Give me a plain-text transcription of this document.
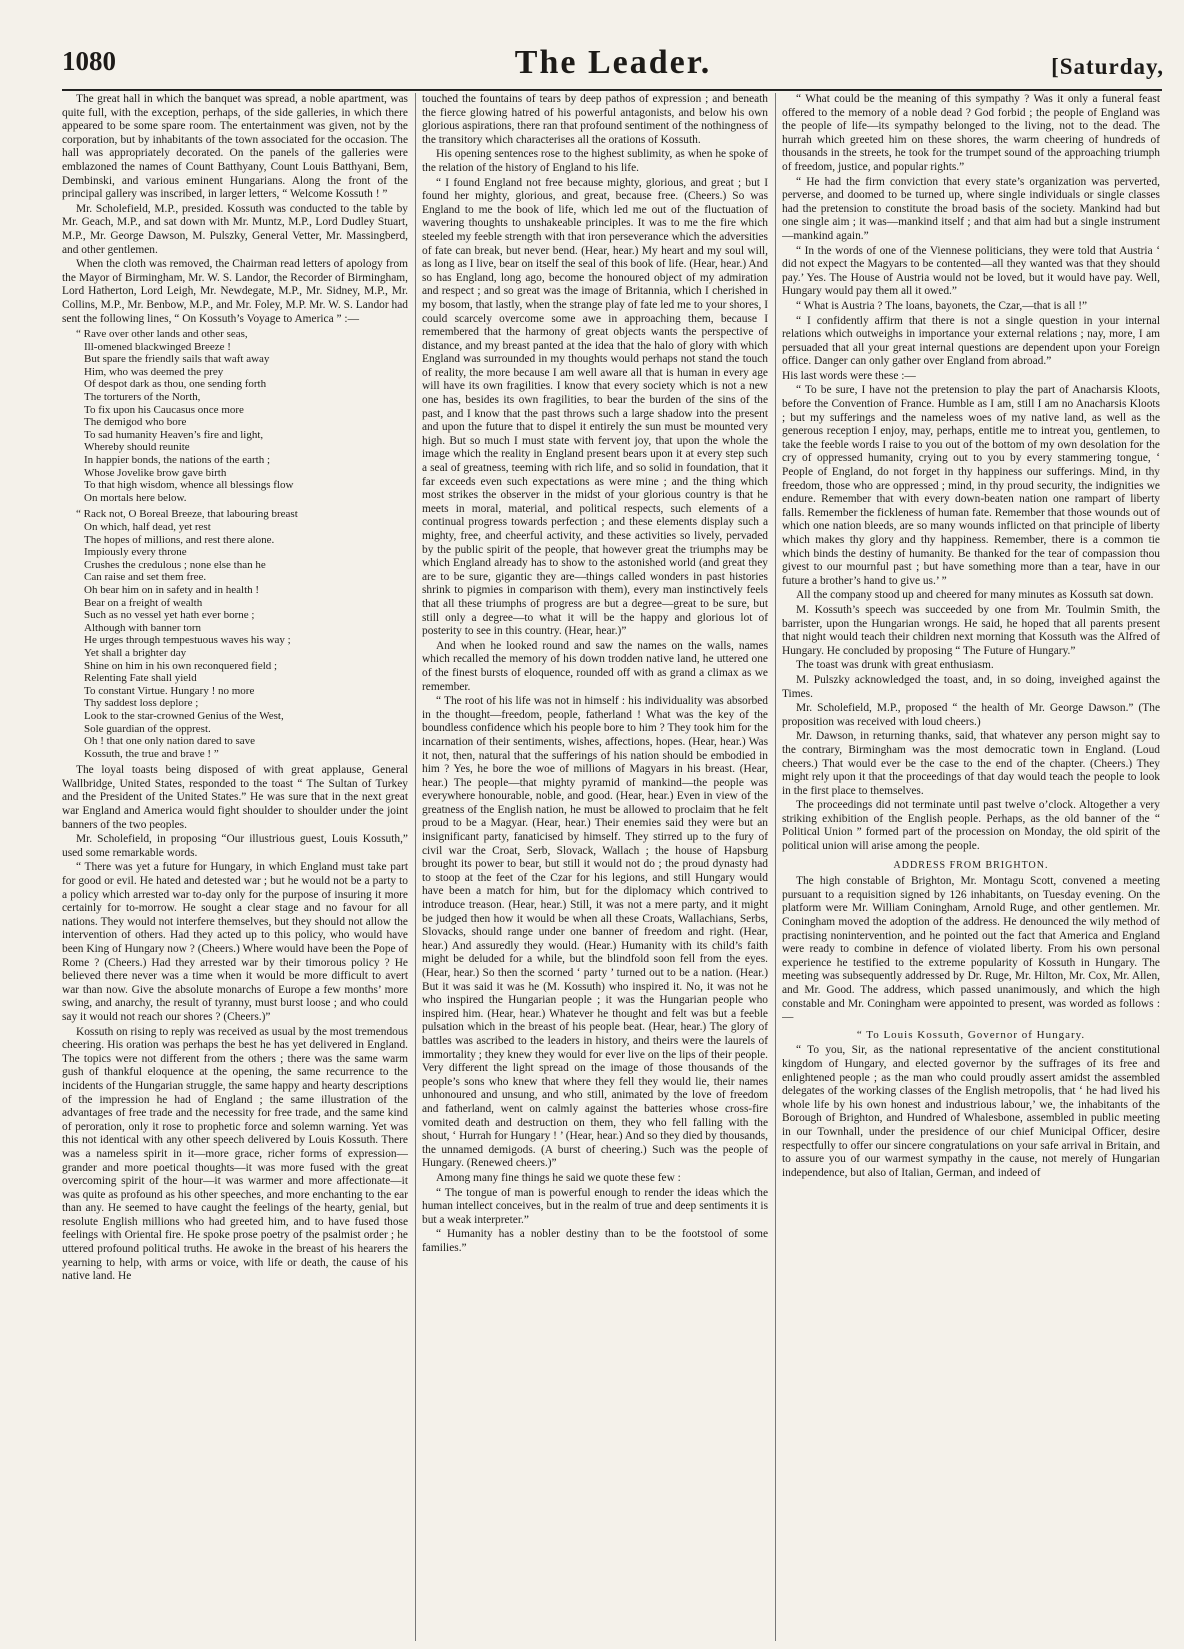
1080	The Leader.	[Saturday,

The great hall in which the banquet was spread, a noble apartment, was quite full, with the exception, perhaps, of the side galleries, in which there appeared to be some spare room. The entertainment was given, not by the corporation, but by inhabitants of the town associated for the occasion. The hall was appropriately decorated. On the panels of the galleries were emblazoned the names of Count Batthyany, Count Louis Batthyani, Bem, Dembinski, and various eminent Hungarians. Along the front of the principal gallery was inscribed, in larger letters, “ Welcome Kossuth ! ”

Mr. Scholefield, M.P., presided. Kossuth was conducted to the table by Mr. Geach, M.P., and sat down with Mr. Muntz, M.P., Lord Dudley Stuart, M.P., Mr. George Dawson, M. Pulszky, General Vetter, Mr. Massingberd, and other gentlemen.

When the cloth was removed, the Chairman read letters of apology from the Mayor of Birmingham, Mr. W. S. Landor, the Recorder of Birmingham, Lord Hatherton, Lord Leigh, Mr. Newdegate, M.P., Mr. Sidney, M.P., Mr. Collins, M.P., Mr. Benbow, M.P., and Mr. Foley, M.P. Mr. W. S. Landor had sent the following lines, “ On Kossuth’s Voyage to America ” :—

“ Rave over other lands and other seas,
Ill-omened blackwinged Breeze !
But spare the friendly sails that waft away
Him, who was deemed the prey
Of despot dark as thou, one sending forth
The torturers of the North,
To fix upon his Caucasus once more
The demigod who bore
To sad humanity Heaven’s fire and light,
Whereby should reunite
In happier bonds, the nations of the earth ;
Whose Jovelike brow gave birth
To that high wisdom, whence all blessings flow
On mortals here below.
“ Rack not, O Boreal Breeze, that labouring breast
On which, half dead, yet rest
The hopes of millions, and rest there alone.
Impiously every throne
Crushes the credulous ; none else than he
Can raise and set them free.
Oh bear him on in safety and in health !
Bear on a freight of wealth
Such as no vessel yet hath ever borne ;
Although with banner torn
He urges through tempestuous waves his way ;
Yet shall a brighter day
Shine on him in his own reconquered field ;
Relenting Fate shall yield
To constant Virtue. Hungary ! no more
Thy saddest loss deplore ;
Look to the star-crowned Genius of the West,
Sole guardian of the opprest.
Oh ! that one only nation dared to save
Kossuth, the true and brave ! ”

The loyal toasts being disposed of with great applause, General Wallbridge, United States, responded to the toast “ The Sultan of Turkey and the President of the United States.” He was sure that in the next great war England and America would fight shoulder to shoulder under the joint banners of the two peoples.

Mr. Scholefield, in proposing “Our illustrious guest, Louis Kossuth,” used some remarkable words.

“ There was yet a future for Hungary, in which England must take part for good or evil. He hated and detested war ; but he would not be a party to a policy which arrested war to-day only for the purpose of insuring it more certainly for to-morrow. He sought a clear stage and no favour for all nations. They would not interfere themselves, but they should not allow the intervention of others. Had they acted up to this policy, who would have been King of Hungary now ? (Cheers.) Where would have been the Pope of Rome ? (Cheers.) Had they arrested war by their timorous policy ? He believed there never was a time when it would be more difficult to avert war than now. Give the absolute monarchs of Europe a few months’ more swing, and anarchy, the result of tyranny, must burst loose ; and who could say it would not reach our shores ? (Cheers.)”

Kossuth on rising to reply was received as usual by the most tremendous cheering. His oration was perhaps the best he has yet delivered in England. The topics were not different from the others ; there was the same warm gush of thankful eloquence at the opening, the same recurrence to the incidents of the Hungarian struggle, the same happy and hearty descriptions of the impression he had of England ; the same illustration of the advantages of free trade and the necessity for free trade, and the same kind of peroration, only it rose to prophetic force and solemn warning. Yet was this not identical with any other speech delivered by Louis Kossuth. There was a nameless spirit in it—more grace, richer forms of expression—grander and more poetical thoughts—it was more fused with the great overcoming spirit of the hour—it was warmer and more affectionate—it was quite as profound as his other speeches, and more enchanting to the ear than any. He seemed to have caught the feelings of the hearty, genial, but resolute English millions who had greeted him, and to have fused those feelings with Oriental fire. He spoke prose poetry of the psalmist order ; he uttered profound political truths. He awoke in the breast of his hearers the yearning to help, with arms or voice, with life or death, the cause of his native land. He

touched the fountains of tears by deep pathos of expression ; and beneath the fierce glowing hatred of his powerful antagonists, and below his own glorious aspirations, there ran that profound sentiment of the nothingness of the transitory which characterises all the orations of Kossuth.

His opening sentences rose to the highest sublimity, as when he spoke of the relation of the history of England to his life.

“ I found England not free because mighty, glorious, and great ; but I found her mighty, glorious, and great, because free. (Cheers.) So was England to me the book of life, which led me out of the fluctuation of wavering thoughts to unshakeable principles. It was to me the fire which steeled my feeble strength with that iron perseverance which the adversities of fate can break, but never bend. (Hear, hear.) My heart and my soul will, as long as I live, bear on itself the seal of this book of life. (Hear, hear.) And so has England, long ago, become the honoured object of my admiration and respect ; and so great was the image of Britannia, which I cherished in my bosom, that lastly, when the strange play of fate led me to your shores, I could scarcely overcome some awe in approaching them, because I remembered that the harmony of great objects wants the perspective of distance, and my breast panted at the idea that the halo of glory with which England was surrounded in my thoughts would perhaps not stand the touch of reality, the more because I am well aware all that is human in every age will have its own fragilities. I know that every society which is not a new one has, besides its own fragilities, to bear the burden of the sins of the past, and I know that the past throws such a large shadow into the present and upon the future that to dispel it entirely the sun must be mounted very high. But so much I must state with fervent joy, that upon the whole the image which the reality in England present bears upon it at every step such a seal of greatness, teeming with rich life, and so solid in foundation, that it far exceeds even such expectations as were mine ; and the thing which most strikes the observer in the midst of your glorious country is that he meets in moral, material, and political respects, such elements of a continual progress towards perfection ; and these elements display such a mighty, free, and cheerful activity, and these activities so lively, pervaded by the public spirit of the people, that however great the triumphs may be which England already has to show to the astonished world (and great they are to be sure, gigantic they are—things called wonders in past histories shrink to pigmies in comparison with them), every man instinctively feels that all these triumphs of progress are but a degree—great to be sure, but still only a degree—to what it will be the happy and glorious lot of posterity to see in this country. (Hear, hear.)”

And when he looked round and saw the names on the walls, names which recalled the memory of his down trodden native land, he uttered one of the finest bursts of eloquence, rounded off with as grand a climax as we remember.

“ The root of his life was not in himself : his individuality was absorbed in the thought—freedom, people, fatherland ! What was the key of the boundless confidence which his people bore to him ? They took him for the incarnation of their sentiments, wishes, affections, hopes. (Hear, hear.) Was it not, then, natural that the sufferings of his nation should be embodied in him ? Yes, he bore the woe of millions of Magyars in his breast. (Hear, hear.) The people—that mighty pyramid of mankind—the people was everywhere honourable, noble, and good. (Hear, hear.) Even in view of the greatness of the English nation, he must be allowed to proclaim that he felt proud to be a Magyar. (Hear, hear.) Their enemies said they were but an insignificant party, fanaticised by himself. They stirred up to the fury of civil war the Croat, Serb, Slovack, Wallach ; the house of Hapsburg brought its power to bear, but still it would not do ; the proud dynasty had to stoop at the feet of the Czar for his legions, and still Hungary would have been a match for him, but for the diplomacy which contrived to introduce treason. (Hear, hear.) Still, it was not a mere party, and it might be judged then how it would be when all these Croats, Wallachians, Serbs, Slovacks, should range under one banner of freedom and right. (Hear, hear.) And assuredly they would. (Hear.) Humanity with its child’s faith might be deluded for a while, but the blindfold soon fell from the eyes. (Hear, hear.) So then the scorned ‘ party ’ turned out to be a nation. (Hear.) But it was said it was he (M. Kossuth) who inspired it. No, it was not he who inspired the Hungarian people ; it was the Hungarian people who inspired him. (Hear, hear.) Whatever he thought and felt was but a feeble pulsation which in the breast of his people beat. (Hear, hear.) The glory of battles was ascribed to the leaders in history, and theirs were the laurels of immortality ; they knew they would for ever live on the lips of their people. Very different the light spread on the image of those thousands of the people’s sons who knew that where they fell they would lie, their names unhonoured and unsung, and who still, animated by the love of freedom and fatherland, went on calmly against the batteries whose cross-fire vomited death and destruction on them, they who fell falling with the shout, ‘ Hurrah for Hungary ! ’ (Hear, hear.) And so they died by thousands, the unnamed demigods. (A burst of cheering.) Such was the people of Hungary. (Renewed cheers.)”

Among many fine things he said we quote these few :

“ The tongue of man is powerful enough to render the ideas which the human intellect conceives, but in the realm of true and deep sentiments it is but a weak interpreter.”

“ Humanity has a nobler destiny than to be the footstool of some families.”

“ What could be the meaning of this sympathy ? Was it only a funeral feast offered to the memory of a noble dead ? God forbid ; the people of England was the people of life—its sympathy belonged to the living, not to the dead. The hurrah which greeted him on these shores, the warm cheering of hundreds of thousands in the streets, he took for the trumpet sound of the approaching triumph of freedom, justice, and popular rights.”

“ He had the firm conviction that every state’s organization was perverted, perverse, and doomed to be turned up, where single individuals or single classes had the pretension to constitute the broad basis of the society. Mankind had but one single aim ; it was—mankind itself ; and that aim had but a single instrument—mankind again.”

“ In the words of one of the Viennese politicians, they were told that Austria ‘ did not expect the Magyars to be contented—all they wanted was that they should pay.’ Yes. The House of Austria would not be loved, but it would have pay. Well, Hungary would pay them all it owed.”

“ What is Austria ? The loans, bayonets, the Czar,—that is all !”

“ I confidently affirm that there is not a single question in your internal relations which outweighs in importance your external relations ; nay, more, I am persuaded that all your great internal questions are dependent upon your Foreign office. Danger can only gather over England from abroad.”

His last words were these :—

“ To be sure, I have not the pretension to play the part of Anacharsis Kloots, before the Convention of France. Humble as I am, still I am no Anacharsis Kloots ; but my sufferings and the nameless woes of my native land, as well as the generous reception I enjoy, may, perhaps, entitle me to intreat you, gentlemen, to take the feeble words I raise to you out of the bottom of my own desolation for the cry of oppressed humanity, crying out to you by every stammering tongue, ‘ People of England, do not forget in thy happiness our sufferings. Mind, in thy freedom, those who are oppressed ; mind, in thy proud security, the indignities we endure. Remember that with every down-beaten nation one rampart of liberty falls. Remember the fickleness of human fate. Remember that those wounds out of which one nation bleeds, are so many wounds inflicted on that principle of liberty which makes thy glory and thy happiness. Remember, there is a common tie which binds the destiny of humanity. Be thanked for the tear of compassion thou givest to our mournful past ; but have something more than a tear, have in our future a brother’s hand to give us.’ ”

All the company stood up and cheered for many minutes as Kossuth sat down.

M. Kossuth’s speech was succeeded by one from Mr. Toulmin Smith, the barrister, upon the Hungarian wrongs. He said, he hoped that all parents present that night would teach their children next morning that Kossuth was the Alfred of Hungary. He concluded by proposing “ The Future of Hungary.”

The toast was drunk with great enthusiasm.

M. Pulszky acknowledged the toast, and, in so doing, inveighed against the Times.

Mr. Scholefield, M.P., proposed “ the health of Mr. George Dawson.” (The proposition was received with loud cheers.)

Mr. Dawson, in returning thanks, said, that whatever any person might say to the contrary, Birmingham was the most democratic town in England. (Loud cheers.) That would ever be the case to the end of the chapter. (Cheers.) They might rely upon it that the proceedings of that day would teach the people to look in the first place to themselves.

The proceedings did not terminate until past twelve o’clock. Altogether a very striking exhibition of the English people. Perhaps, as the old banner of the “ Political Union ” formed part of the procession on Monday, the old spirit of the political union will arise among the people.

ADDRESS FROM BRIGHTON.

The high constable of Brighton, Mr. Montagu Scott, convened a meeting pursuant to a requisition signed by 126 inhabitants, on Tuesday evening. On the platform were Mr. William Coningham, Arnold Ruge, and other gentlemen. Mr. Coningham moved the adoption of the address. He denounced the wily method of practising nonintervention, and he pointed out the fact that America and England were ready to combine in defence of violated liberty. From his own personal experience he testified to the extreme popularity of Kossuth in Hungary. The meeting was subsequently addressed by Dr. Ruge, Mr. Hilton, Mr. Cox, Mr. Allen, and Mr. Good. The address, which passed unanimously, and which the high constable and Mr. Coningham were appointed to present, was worded as follows :—

“ To Louis Kossuth, Governor of Hungary.

“ To you, Sir, as the national representative of the ancient constitutional kingdom of Hungary, and elected governor by the suffrages of its free and enlightened people ; as the man who could proudly assert amidst the assembled delegates of the working classes of the English metropolis, that ‘ he had lived his whole life by his own honest and industrious labour,’ we, the inhabitants of the Borough of Brighton, and Hundred of Whalesbone, assembled in public meeting in our Townhall, under the presidence of our chief Municipal Officer, desire respectfully to offer our sincere congratulations on your safe arrival in Britain, and to assure you of our warmest sympathy in the cause, not merely of Hungarian independence, but also of Italian, German, and indeed of
